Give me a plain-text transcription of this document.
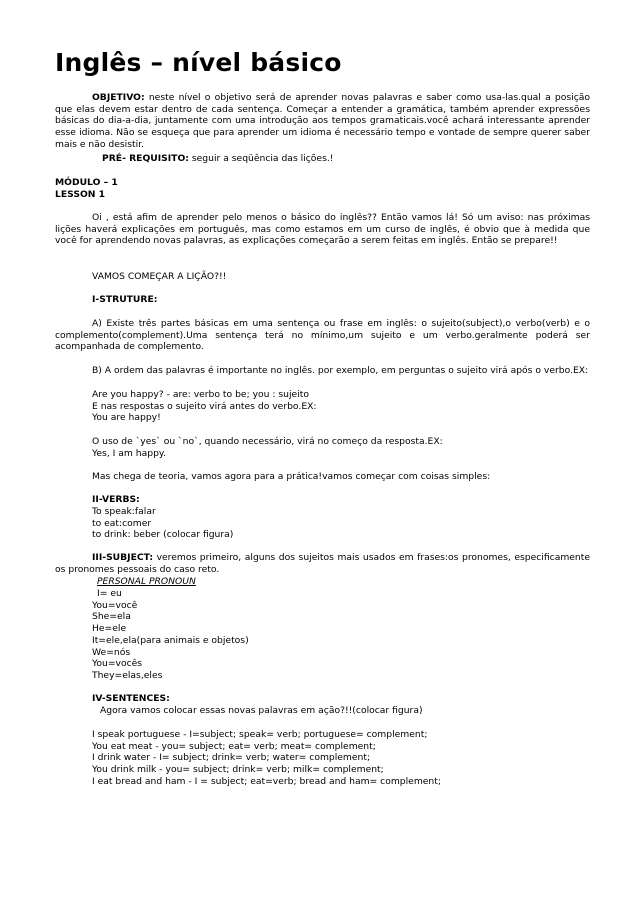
Inglês – nível básico
OBJETIVO: neste nível o objetivo será de aprender novas palavras e saber como usa-las.qual a posição que elas devem estar dentro de cada sentença. Começar a entender a gramática, também aprender expressões básicas do dia-a-dia, juntamente com uma introdução aos tempos gramaticais.você achará interessante aprender esse idioma. Não se esqueça que para aprender um idioma é necessário tempo e vontade de sempre querer saber mais e não desistir.
PRÉ- REQUISITO: seguir a seqüência das lições.!
MÓDULO – 1
LESSON 1
Oi , está afim de aprender pelo menos o básico do inglês?? Então vamos lá! Só um aviso: nas próximas lições haverá explicações em português, mas como estamos em um curso de inglês, é obvio que à medida que você for aprendendo novas palavras, as explicações começarão a serem feitas em inglês. Então se prepare!!
VAMOS COMEÇAR A LIÇÃO?!!
I-STRUTURE:
A) Existe três partes básicas em uma sentença ou frase em inglês: o sujeito(subject),o verbo(verb) e o complemento(complement).Uma sentença terá no mínimo,um sujeito e um verbo.geralmente poderá ser acompanhada de complemento.
B) A ordem das palavras é importante no inglês. por exemplo, em perguntas o sujeito virá após o verbo.EX:
Are you happy? - are: verbo to be; you : sujeito
E nas respostas o sujeito virá antes do verbo.EX:
You are happy!
O uso de `yes` ou `no`, quando necessário, virá no começo da resposta.EX:
Yes, I am happy.
Mas chega de teoria, vamos agora para a prática!vamos começar com coisas simples:
II-VERBS:
To speak:falar
to eat:comer
to drink: beber (colocar figura)
III-SUBJECT: veremos primeiro, alguns dos sujeitos mais usados em frases:os pronomes, especificamente os pronomes pessoais do caso reto.
PERSONAL PRONOUN
I= eu
You=você
She=ela
He=ele
It=ele,ela(para animais e objetos)
We=nós
You=vocês
They=elas,eles
IV-SENTENCES:
Agora vamos colocar essas novas palavras em ação?!!(colocar figura)
I speak portuguese - I=subject; speak= verb; portuguese= complement;
You eat meat - you= subject; eat= verb; meat= complement;
I drink water - I= subject; drink= verb; water= complement;
You drink milk - you= subject; drink= verb; milk= complement;
I eat bread and ham - I = subject; eat=verb; bread and ham= complement;
